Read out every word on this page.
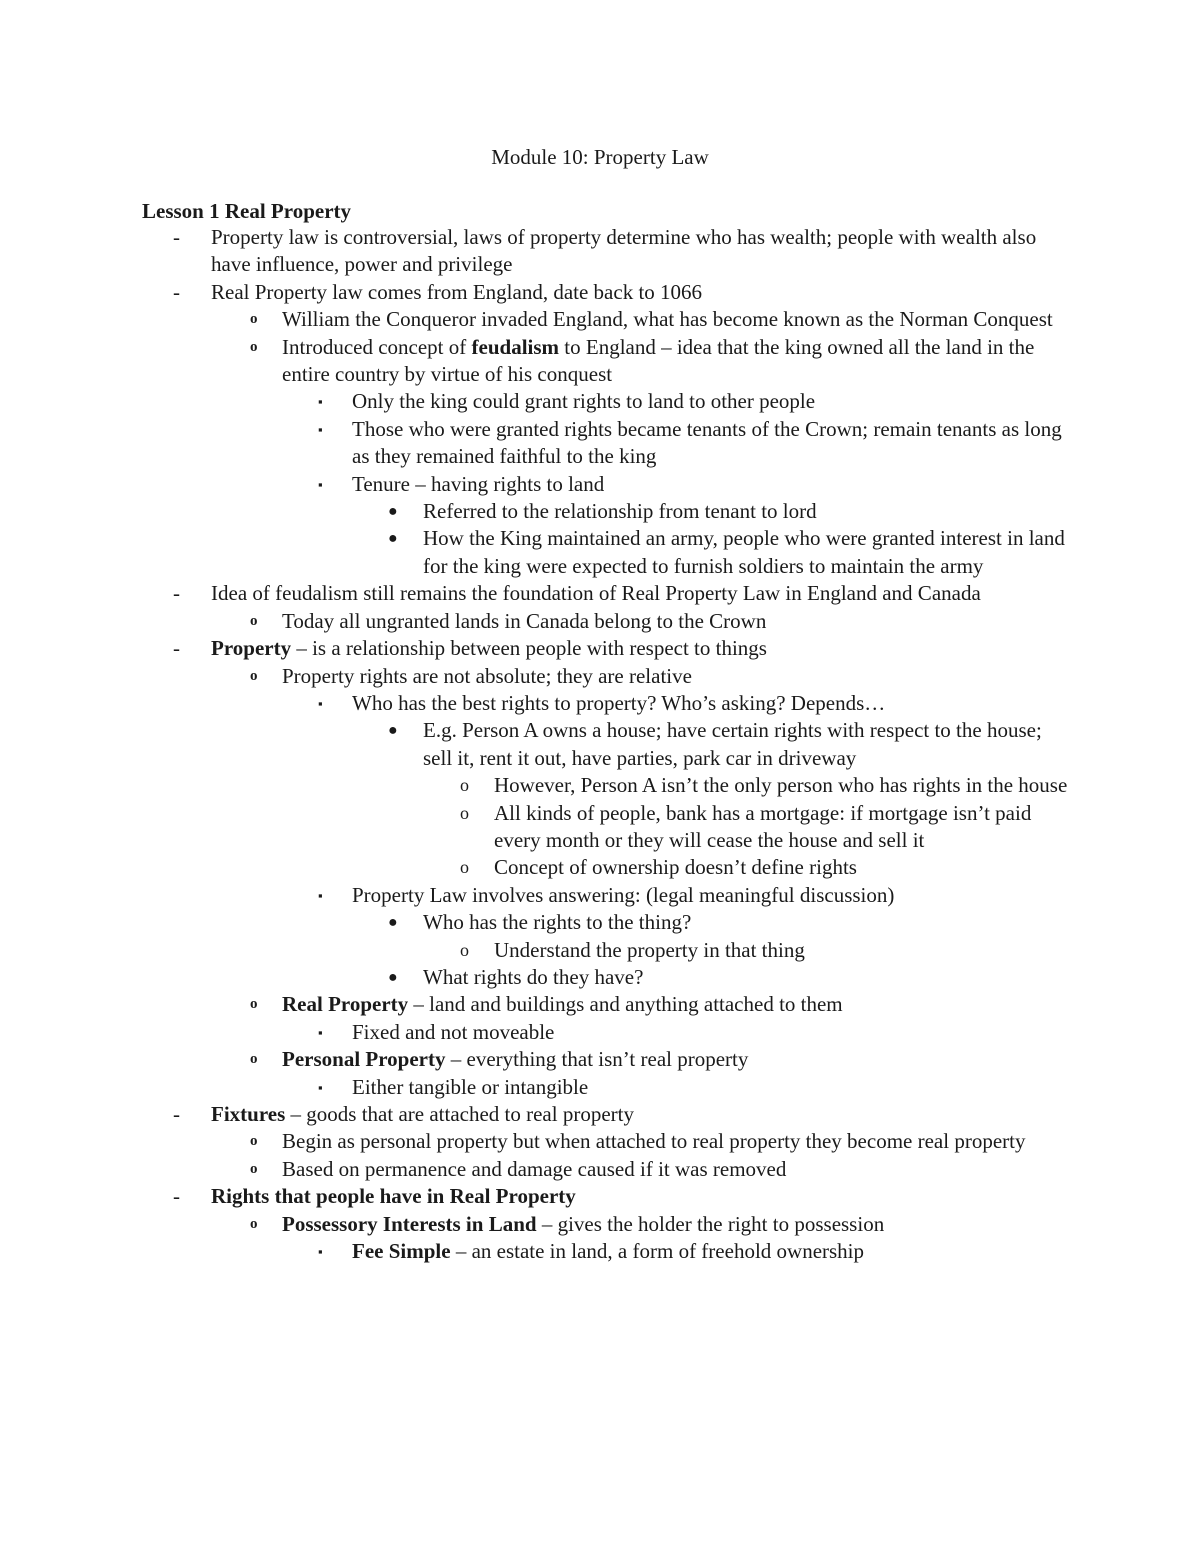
Module 10: Property Law
Lesson 1 Real Property
-	Property law is controversial, laws of property determine who has wealth; people with wealth also have influence, power and privilege
-	Real Property law comes from England, date back to 1066
o	William the Conqueror invaded England, what has become known as the Norman Conquest
o	Introduced concept of feudalism to England – idea that the king owned all the land in the entire country by virtue of his conquest
▪	Only the king could grant rights to land to other people
▪	Those who were granted rights became tenants of the Crown; remain tenants as long as they remained faithful to the king
▪	Tenure – having rights to land
●	Referred to the relationship from tenant to lord
●	How the King maintained an army, people who were granted interest in land for the king were expected to furnish soldiers to maintain the army
-	Idea of feudalism still remains the foundation of Real Property Law in England and Canada
o	Today all ungranted lands in Canada belong to the Crown
-	Property – is a relationship between people with respect to things
o	Property rights are not absolute; they are relative
▪	Who has the best rights to property? Who’s asking? Depends…
●	E.g. Person A owns a house; have certain rights with respect to the house; sell it, rent it out, have parties, park car in driveway
o	However, Person A isn’t the only person who has rights in the house
o	All kinds of people, bank has a mortgage: if mortgage isn’t paid every month or they will cease the house and sell it
o	Concept of ownership doesn’t define rights
▪	Property Law involves answering: (legal meaningful discussion)
●	Who has the rights to the thing?
o	Understand the property in that thing
●	What rights do they have?
o	Real Property – land and buildings and anything attached to them
▪	Fixed and not moveable
o	Personal Property – everything that isn’t real property
▪	Either tangible or intangible
-	Fixtures – goods that are attached to real property
o	Begin as personal property but when attached to real property they become real property
o	Based on permanence and damage caused if it was removed
-	Rights that people have in Real Property
o	Possessory Interests in Land – gives the holder the right to possession
▪	Fee Simple – an estate in land, a form of freehold ownership
